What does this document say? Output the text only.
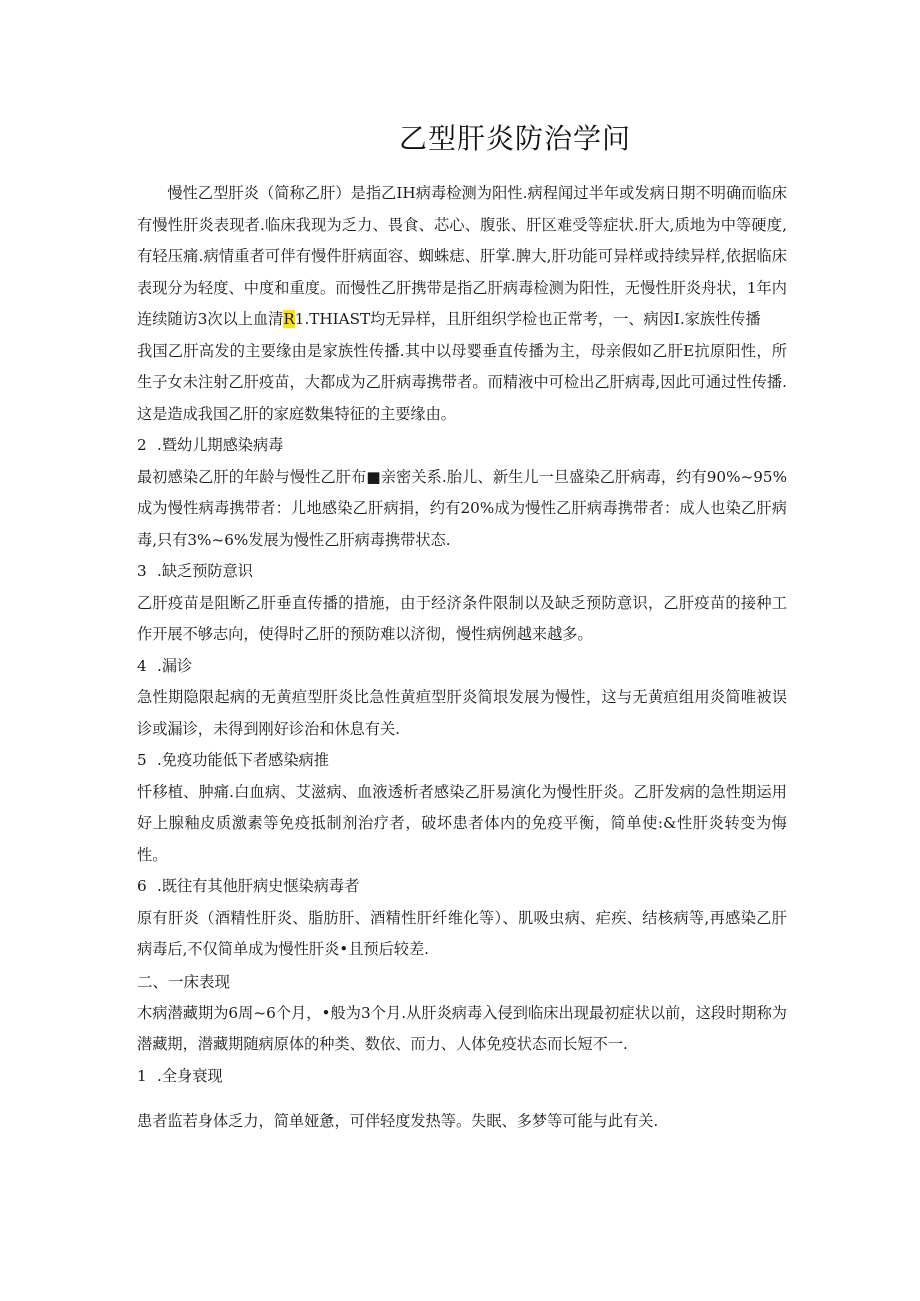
乙型肝炎防治学问

慢性乙型肝炎（简称乙肝）是指乙IH病毒检测为阳性.病程闻过半年或发病日期不明确而临床有慢性肝炎表现者.临床我现为乏力、畏食、芯心、腹张、肝区难受等症状.肝大,质地为中等硬度,有轻压痛.病情重者可伴有慢件肝病面容、蜘蛛痣、肝掌.脾大,肝功能可异样或持续异样,依据临床表现分为轻度、中度和重度。而慢性乙肝携带是指乙肝病毒检测为阳性，无慢性肝炎舟状，1年内连续随访3次以上血清R1.THIAST均无异样，且肝组织学检也正常考，一、病因I.家族性传播

我国乙肝高发的主要缘由是家族性传播.其中以母婴垂直传播为主，母亲假如乙肝E抗原阳性，所生子女未注射乙肝疫苗，大都成为乙肝病毒携带者。而精液中可检出乙肝病毒,因此可通过性传播.这是造成我国乙肝的家庭数集特征的主要缘由。

2 .暨幼儿期感染病毒

最初感染乙肝的年龄与慢性乙肝布■亲密关系.胎儿、新生儿一旦盛染乙肝病毒，约有90%~95%成为慢性病毒携带者：儿地感染乙肝病捐，约有20%成为慢性乙肝病毒携带者：成人也染乙肝病毒,只有3%~6%发展为慢性乙肝病毒携带状态.

3 .缺乏预防意识

乙肝疫苗是阻断乙肝垂直传播的措施，由于经济条件限制以及缺乏预防意识，乙肝疫苗的接种工作开展不够志向，使得时乙肝的预防难以济彻，慢性病例越来越多。

4 .漏诊

急性期隐限起病的无黄疸型肝炎比急性黄疸型肝炎简垠发展为慢性，这与无黄疸组用炎简唯被误诊或漏诊，未得到刚好诊治和休息有关.

5 .免疫功能低下者感染病推

忏移植、肿痛.白血病、艾滋病、血液透析者感染乙肝易演化为慢性肝炎。乙肝发病的急性期运用好上腺釉皮质激素等免疫抵制剂治疗者，破坏患者体内的免疫平衡，简单使:&性肝炎转变为悔性。

6 .既往有其他肝病史惬染病毒者

原有肝炎（酒精性肝炎、脂肪肝、酒精性肝纤维化等）、肌吸虫病、疟疾、结核病等,再感染乙肝病毒后,不仅简单成为慢性肝炎•且预后较差.

二、一床表现

木病潜藏期为6周~6个月，•般为3个月.从肝炎病毒入侵到临床出现最初症状以前，这段时期称为潜藏期，潜藏期随病原体的种类、数依、而力、人体免疫状态而长短不一.

1 .全身衰现

患者监若身体乏力，简单娅惫，可伴轻度发热等。失眠、多梦等可能与此有关.
